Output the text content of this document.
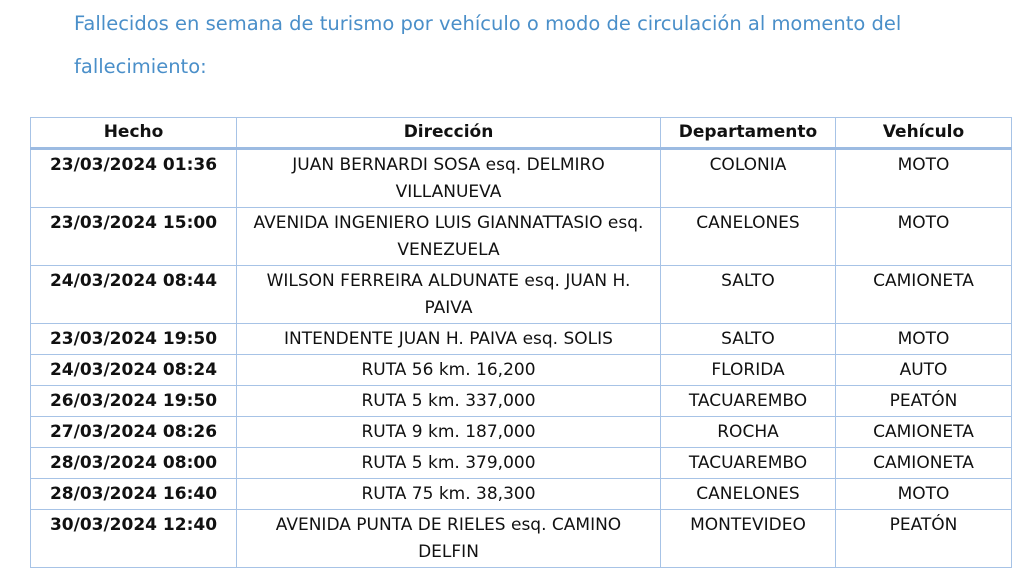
Fallecidos en semana de turismo por vehículo o modo de circulación al momento del
fallecimiento:

Hecho	Dirección	Departamento	Vehículo
23/03/2024 01:36	JUAN BERNARDI SOSA esq. DELMIRO VILLANUEVA	COLONIA	MOTO
23/03/2024 15:00	AVENIDA INGENIERO LUIS GIANNATTASIO esq. VENEZUELA	CANELONES	MOTO
24/03/2024 08:44	WILSON FERREIRA ALDUNATE esq. JUAN H. PAIVA	SALTO	CAMIONETA
23/03/2024 19:50	INTENDENTE JUAN H. PAIVA esq. SOLIS	SALTO	MOTO
24/03/2024 08:24	RUTA 56 km. 16,200	FLORIDA	AUTO
26/03/2024 19:50	RUTA 5 km. 337,000	TACUAREMBO	PEATÓN
27/03/2024 08:26	RUTA 9 km. 187,000	ROCHA	CAMIONETA
28/03/2024 08:00	RUTA 5 km. 379,000	TACUAREMBO	CAMIONETA
28/03/2024 16:40	RUTA 75 km. 38,300	CANELONES	MOTO
30/03/2024 12:40	AVENIDA PUNTA DE RIELES esq. CAMINO DELFIN	MONTEVIDEO	PEATÓN
